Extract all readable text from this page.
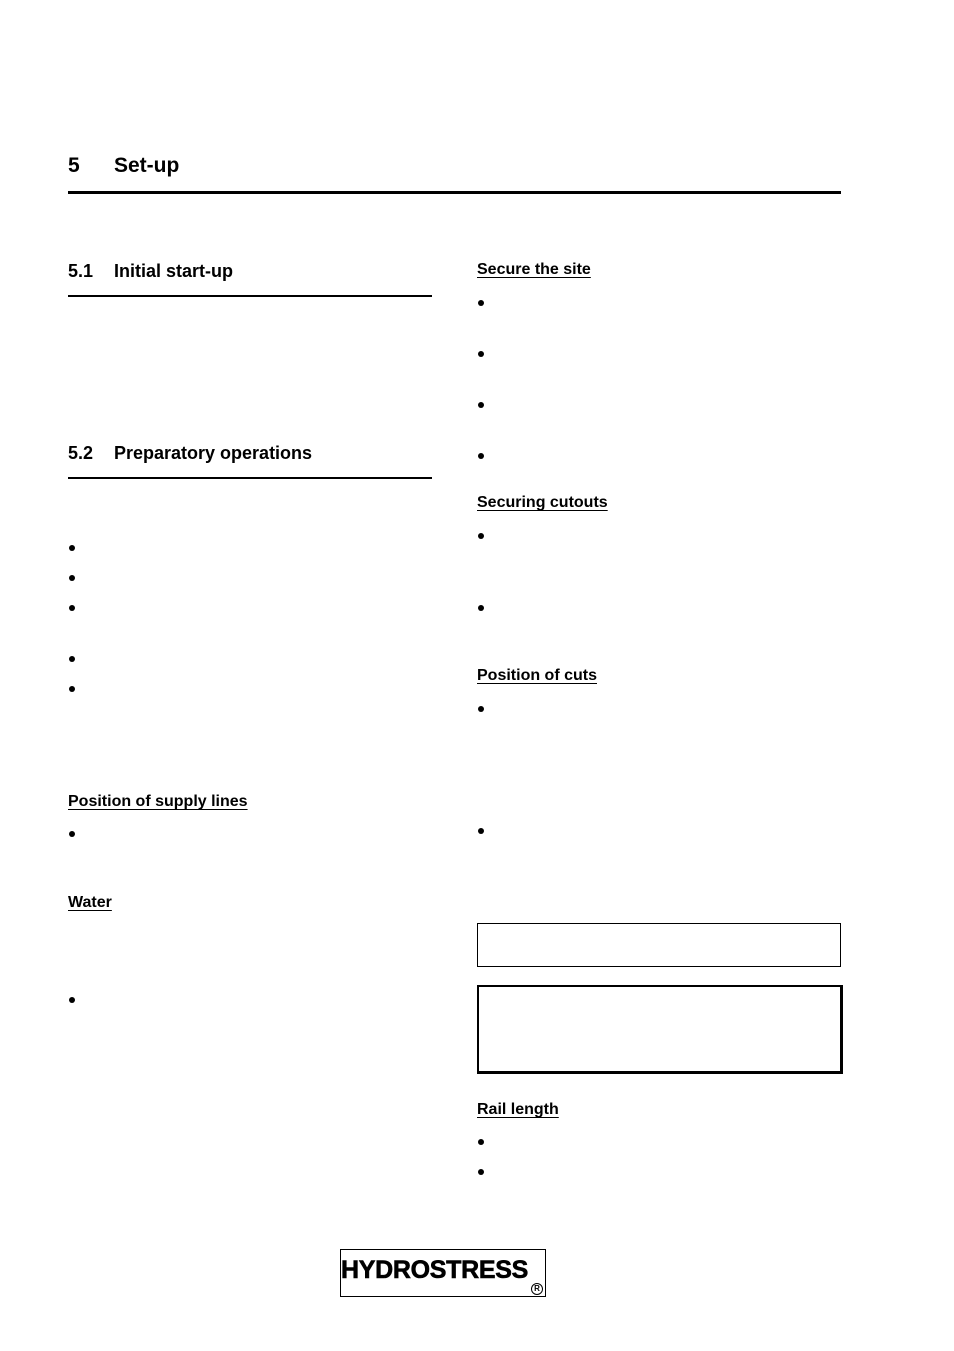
5 Set-up
5.1 Initial start-up
5.2 Preparatory operations
Position of supply lines
Water
Secure the site
Securing cutouts
Position of cuts
Rail length
HYDROSTRESS
R
